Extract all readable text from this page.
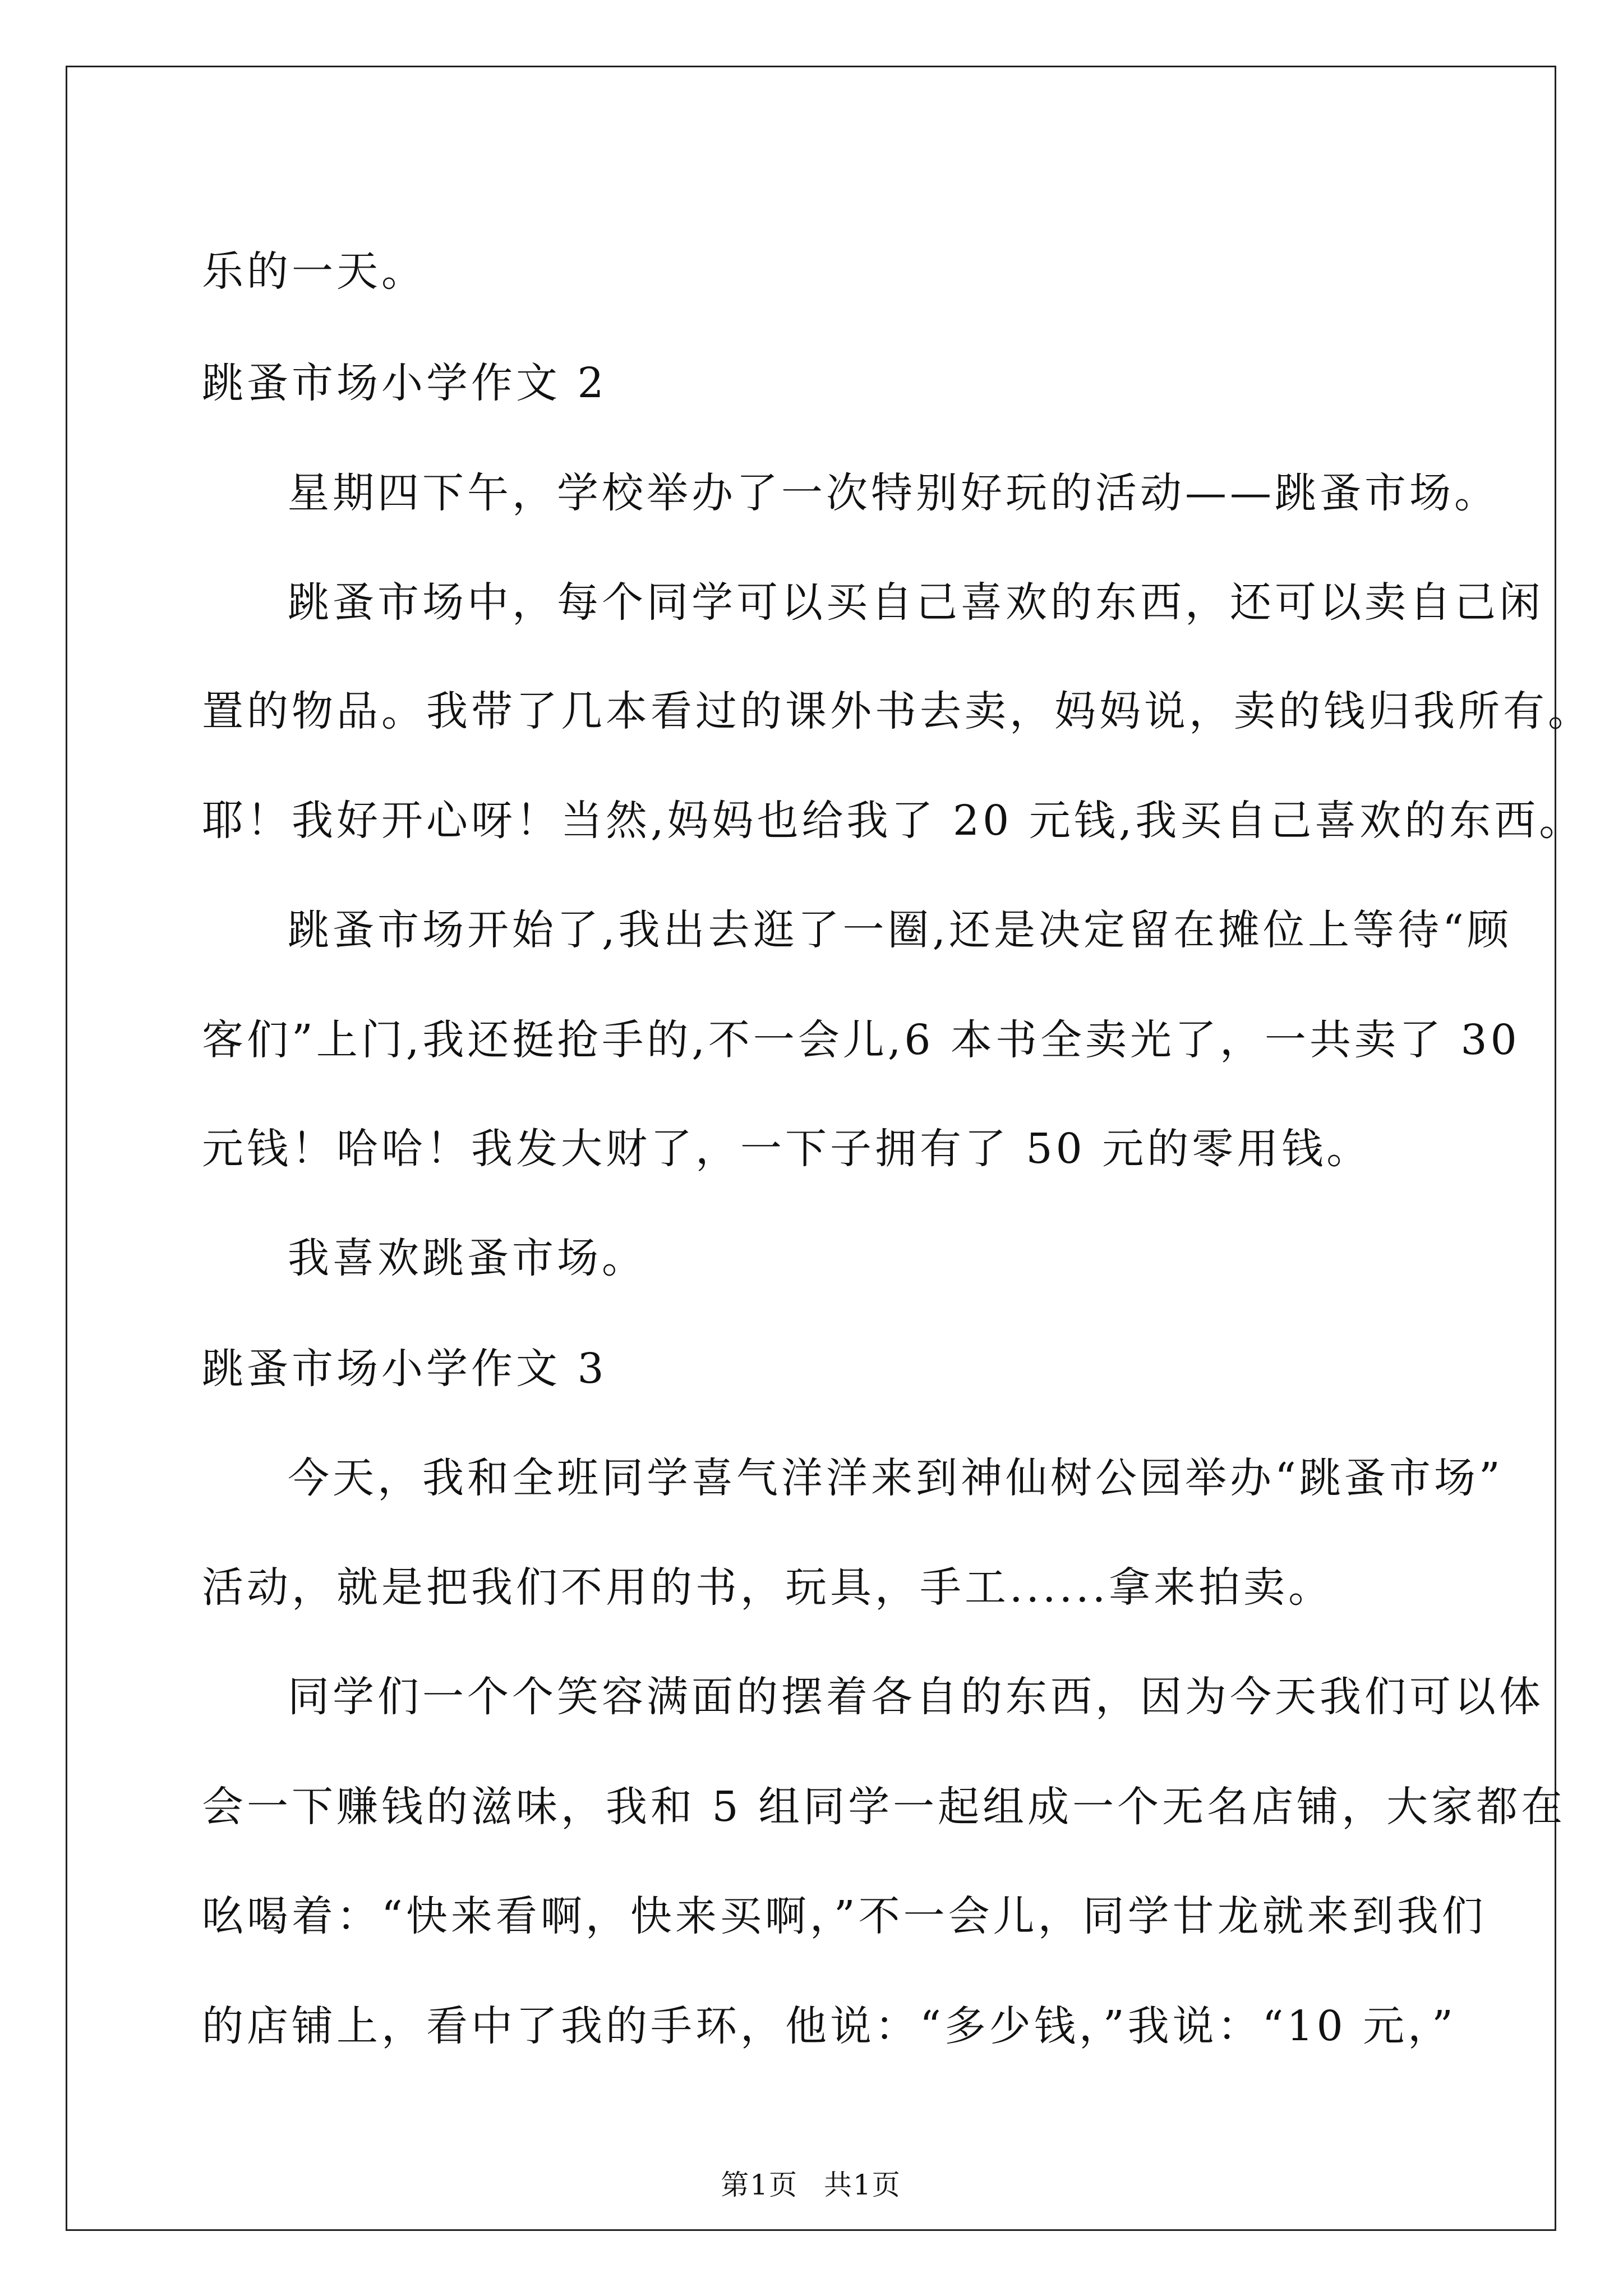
乐的一天。
跳蚤市场小学作文 2
星期四下午，学校举办了一次特别好玩的活动——跳蚤市场。
跳蚤市场中，每个同学可以买自己喜欢的东西，还可以卖自己闲
置的物品。我带了几本看过的课外书去卖，妈妈说，卖的钱归我所有。
耶！我好开心呀！当然,妈妈也给我了 20 元钱,我买自己喜欢的东西。
跳蚤市场开始了,我出去逛了一圈,还是决定留在摊位上等待“顾
客们”上门,我还挺抢手的,不一会儿,6 本书全卖光了，一共卖了 30
元钱！哈哈！我发大财了，一下子拥有了 50 元的零用钱。
我喜欢跳蚤市场。
跳蚤市场小学作文 3
今天，我和全班同学喜气洋洋来到神仙树公园举办“跳蚤市场”
活动，就是把我们不用的书，玩具，手工......拿来拍卖。
同学们一个个笑容满面的摆着各自的东西，因为今天我们可以体
会一下赚钱的滋味，我和 5 组同学一起组成一个无名店铺，大家都在
吆喝着：“快来看啊，快来买啊，”不一会儿，同学甘龙就来到我们
的店铺上，看中了我的手环，他说：“多少钱，”我说：“10 元，”
第1页 共1页
